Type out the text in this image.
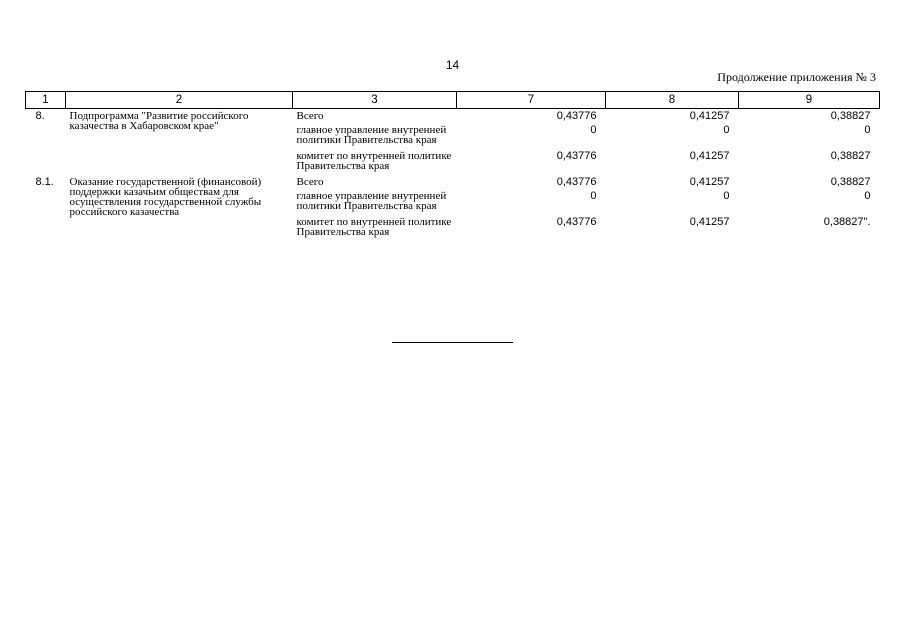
14
Продолжение приложения № 3
1	2	3	7	8	9
8.	Подпрограмма "Развитие российского казачества в Хабаровском крае"	Всего	0,43776	0,41257	0,38827
		главное управление внутренней политики Правительства края	0	0	0
		комитет по внутренней политике Правительства края	0,43776	0,41257	0,38827
8.1.	Оказание государственной (финансовой) поддержки казачьим обществам для осуществления государственной службы российского казачества	Всего	0,43776	0,41257	0,38827
		главное управление внутренней политики Правительства края	0	0	0
		комитет по внутренней политике Правительства края	0,43776	0,41257	0,38827".
